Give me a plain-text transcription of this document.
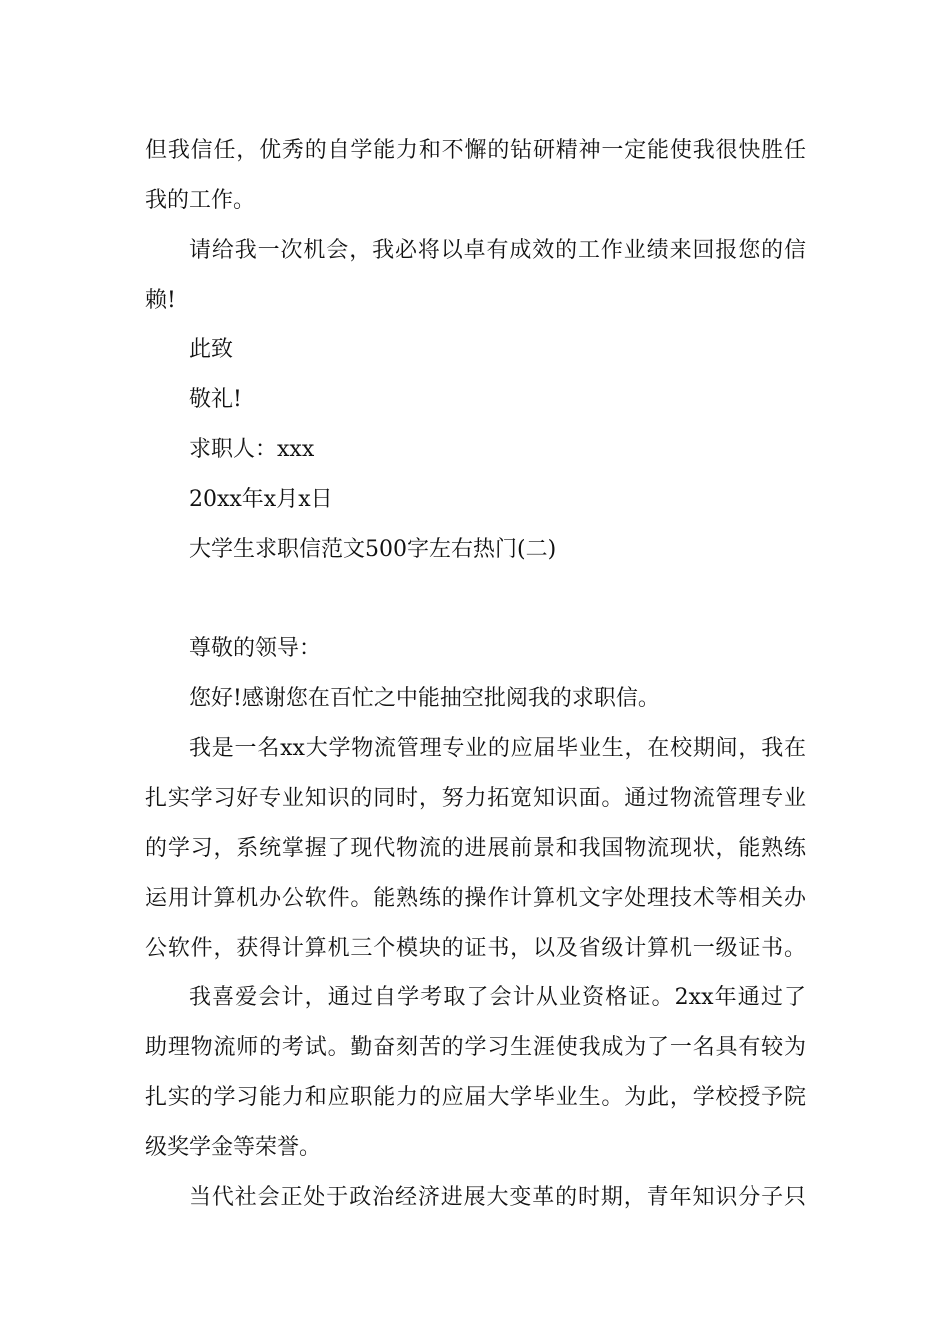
但我信任，优秀的自学能力和不懈的钻研精神一定能使我很快胜任

我的工作。

请给我一次机会，我必将以卓有成效的工作业绩来回报您的信

赖!

此致

敬礼!

求职人：xxx

20xx年x月x日

大学生求职信范文500字左右热门(二)

尊敬的领导：

您好!感谢您在百忙之中能抽空批阅我的求职信。

我是一名xx大学物流管理专业的应届毕业生，在校期间，我在

扎实学习好专业知识的同时，努力拓宽知识面。通过物流管理专业

的学习，系统掌握了现代物流的进展前景和我国物流现状，能熟练

运用计算机办公软件。能熟练的操作计算机文字处理技术等相关办

公软件，获得计算机三个模块的证书，以及省级计算机一级证书。

我喜爱会计，通过自学考取了会计从业资格证。2xx年通过了

助理物流师的考试。勤奋刻苦的学习生涯使我成为了一名具有较为

扎实的学习能力和应职能力的应届大学毕业生。为此，学校授予院

级奖学金等荣誉。

当代社会正处于政治经济进展大变革的时期，青年知识分子只
